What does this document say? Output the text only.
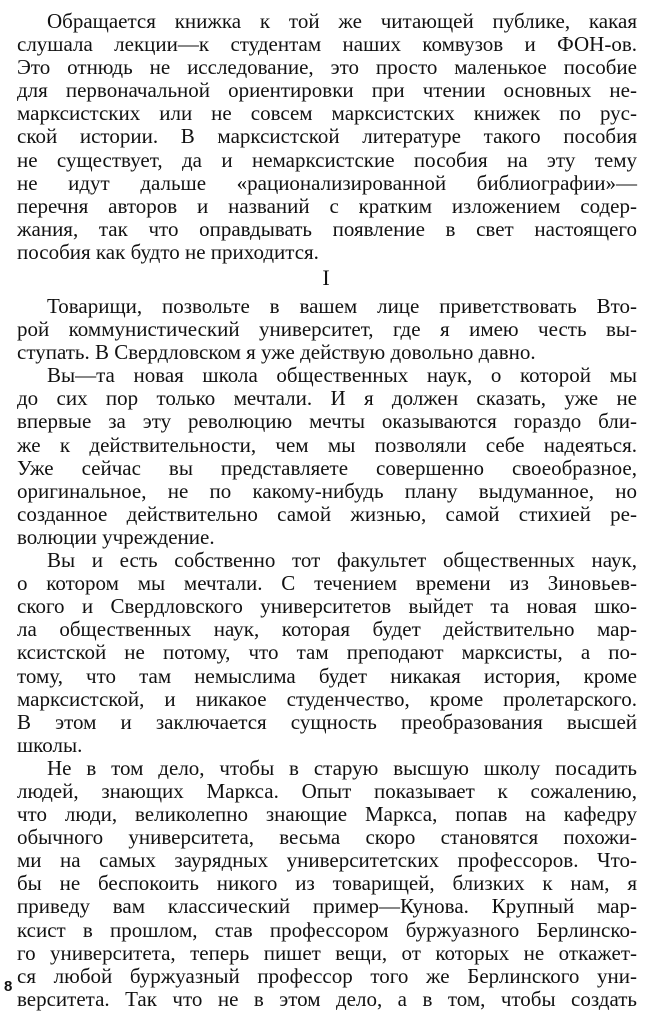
Обращается книжка к той же читающей публике, какая
слушала лекции—к студентам наших комвузов и ФОН-ов.
Это отнюдь не исследование, это просто маленькое пособие
для первоначальной ориентировки при чтении основных не-
марксистских или не совсем марксистских книжек по рус-
ской истории. В марксистской литературе такого пособия
не существует, да и немарксистские пособия на эту тему
не идут дальше «рационализированной библиографии»—
перечня авторов и названий с кратким изложением содер-
жания, так что оправдывать появление в свет настоящего
пособия как будто не приходится.
I
Товарищи, позвольте в вашем лице приветствовать Вто-
рой коммунистический университет, где я имею честь вы-
ступать. В Свердловском я уже действую довольно давно.
Вы—та новая школа общественных наук, о которой мы
до сих пор только мечтали. И я должен сказать, уже не
впервые за эту революцию мечты оказываются гораздо бли-
же к действительности, чем мы позволяли себе надеяться.
Уже сейчас вы представляете совершенно своеобразное,
оригинальное, не по какому-нибудь плану выдуманное, но
созданное действительно самой жизнью, самой стихией ре-
волюции учреждение.
Вы и есть собственно тот факультет общественных наук,
о котором мы мечтали. С течением времени из Зиновьев-
ского и Свердловского университетов выйдет та новая шко-
ла общественных наук, которая будет действительно мар-
ксистской не потому, что там преподают марксисты, а по-
тому, что там немыслима будет никакая история, кроме
марксистской, и никакое студенчество, кроме пролетарского.
В этом и заключается сущность преобразования высшей
школы.
Не в том дело, чтобы в старую высшую школу посадить
людей, знающих Маркса. Опыт показывает к сожалению,
что люди, великолепно знающие Маркса, попав на кафедру
обычного университета, весьма скоро становятся похожи-
ми на самых заурядных университетских профессоров. Что-
бы не беспокоить никого из товарищей, близких к нам, я
приведу вам классический пример—Кунова. Крупный мар-
ксист в прошлом, став профессором буржуазного Берлинско-
го университета, теперь пишет вещи, от которых не откажет-
ся любой буржуазный профессор того же Берлинского уни-
верситета. Так что не в этом дело, а в том, чтобы создать
8
